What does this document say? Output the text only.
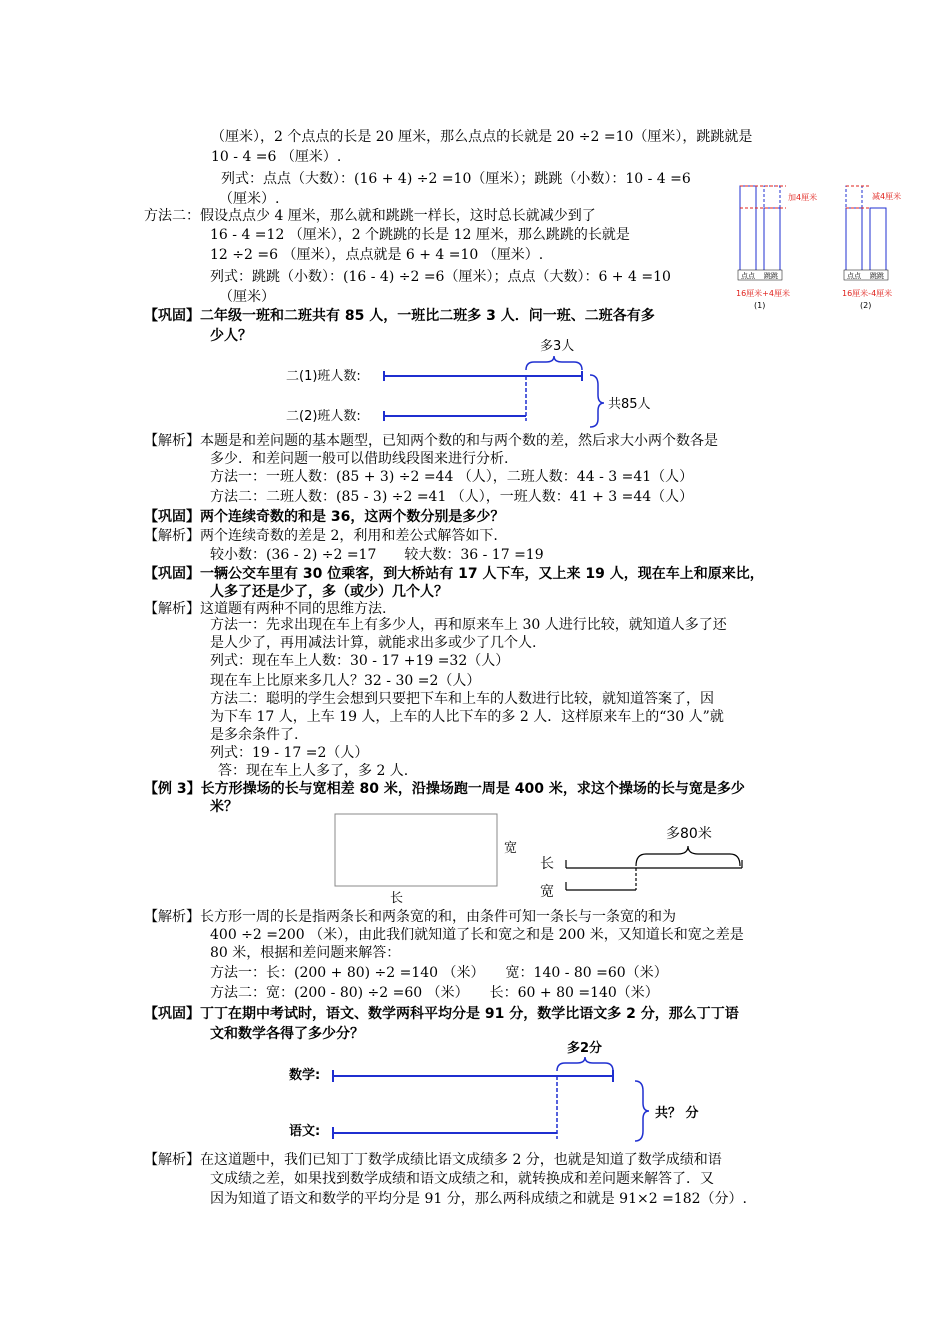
（厘米），2 个点点的长是 20 厘米，那么点点的长就是 20 ÷2 =10（厘米），跳跳就是
10 - 4 =6 （厘米）.
列式：点点（大数）：(16 + 4) ÷2 =10（厘米）；跳跳（小数）：10 - 4 =6
（厘米）.
方法二：假设点点少 4 厘米，那么就和跳跳一样长，这时总长就减少到了
16 - 4 =12 （厘米），2 个跳跳的长是 12 厘米，那么跳跳的长就是
12 ÷2 =6 （厘米），点点就是 6 + 4 =10 （厘米）.
列式：跳跳（小数）：(16 - 4) ÷2 =6（厘米）；点点（大数）：6 + 4 =10
（厘米）
【巩固】二年级一班和二班共有 85 人，一班比二班多 3 人．问一班、二班各有多
少人？
【解析】本题是和差问题的基本题型，已知两个数的和与两个数的差，然后求大小两个数各是
多少．和差问题一般可以借助线段图来进行分析.
方法一：一班人数：(85 + 3) ÷2 =44 （人），二班人数：44 - 3 =41（人）
方法二：二班人数：(85 - 3) ÷2 =41 （人），一班人数：41 + 3 =44（人）
【巩固】两个连续奇数的和是 36，这两个数分别是多少？
【解析】两个连续奇数的差是 2，利用和差公式解答如下.
较小数：(36 - 2) ÷2 =17　　较大数：36 - 17 =19
【巩固】一辆公交车里有 30 位乘客，到大桥站有 17 人下车，又上来 19 人，现在车上和原来比，
人多了还是少了，多（或少）几个人？
【解析】这道题有两种不同的思维方法.
方法一：先求出现在车上有多少人，再和原来车上 30 人进行比较，就知道人多了还
是人少了，再用减法计算，就能求出多或少了几个人.
列式：现在车上人数：30 - 17 +19 =32（人）
现在车上比原来多几人？32 - 30 =2（人）
方法二：聪明的学生会想到只要把下车和上车的人数进行比较，就知道答案了，因
为下车 17 人，上车 19 人，上车的人比下车的多 2 人．这样原来车上的“30 人”就
是多余条件了.
列式：19 - 17 =2（人）
答：现在车上人多了，多 2 人.
【例 3】长方形操场的长与宽相差 80 米，沿操场跑一周是 400 米，求这个操场的长与宽是多少
米？
【解析】长方形一周的长是指两条长和两条宽的和，由条件可知一条长与一条宽的和为
400 ÷2 =200 （米），由此我们就知道了长和宽之和是 200 米，又知道长和宽之差是
80 米，根据和差问题来解答：
方法一：长：(200 + 80) ÷2 =140 （米）　　宽：140 - 80 =60（米）
方法二：宽：(200 - 80) ÷2 =60 （米）　　长：60 + 80 =140（米）
【巩固】丁丁在期中考试时，语文、数学两科平均分是 91 分，数学比语文多 2 分，那么丁丁语
文和数学各得了多少分？
【解析】在这道题中，我们已知丁丁数学成绩比语文成绩多 2 分，也就是知道了数学成绩和语
文成绩之差，如果找到数学成绩和语文成绩之和，就转换成和差问题来解答了．又
因为知道了语文和数学的平均分是 91 分，那么两科成绩之和就是 91×2 =182（分）.
加4厘米
点点 跳跳
16厘米+4厘米
(1)
减4厘米
点点 跳跳
16厘米-4厘米
(2)
二(1)班人数:
二(2)班人数:
多3人
共85人
宽
长
长
宽
多80米
数学:
语文:
多2分
共？ 分
